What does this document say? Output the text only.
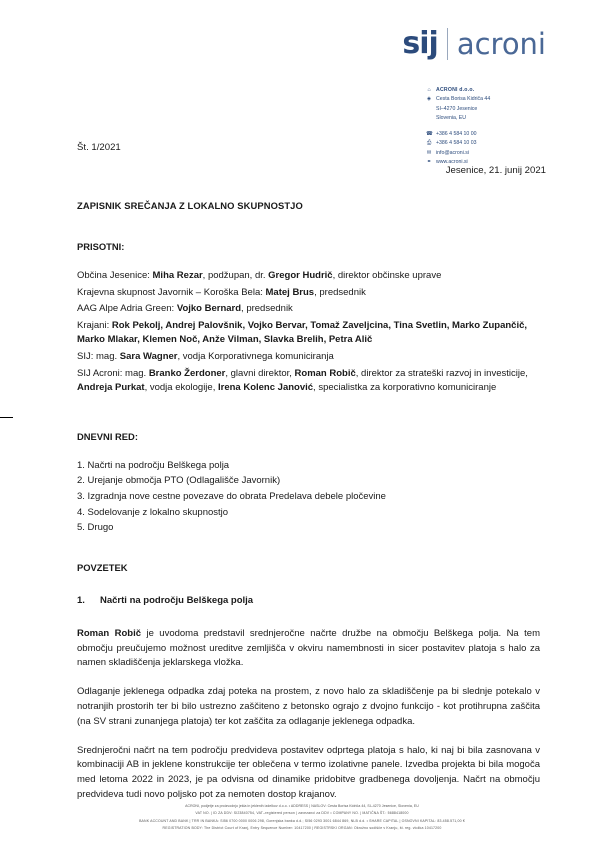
sij acroni
⌂ ACRONI d.o.o.
◈ Cesta Borisa Kidriča 44
SI–4270 Jesenice
Slovenia, EU
☎ +386 4 584 10 00
⎙ +386 4 584 10 03
✉ info@acroni.si
⚭ www.acroni.si
Št. 1/2021
Jesenice, 21. junij 2021
ZAPISNIK SREČANJA Z LOKALNO SKUPNOSTJO
PRISOTNI:

Občina Jesenice: Miha Rezar, podžupan, dr. Gregor Hudrič, direktor občinske uprave

Krajevna skupnost Javornik – Koroška Bela: Matej Brus, predsednik

AAG Alpe Adria Green: Vojko Bernard, predsednik

Krajani: Rok Pekolj, Andrej Palovšnik, Vojko Bervar, Tomaž Zaveljcina, Tina Svetlin, Marko Zupančič, Marko Mlakar, Klemen Noč, Anže Vilman, Slavka Brelih, Petra Alič

SIJ: mag. Sara Wagner, vodja Korporativnega komuniciranja

SIJ Acroni: mag. Branko Žerdoner, glavni direktor, Roman Robič, direktor za strateški razvoj in investicije, Andreja Purkat, vodja ekologije, Irena Kolenc Janović, specialistka za korporativno komuniciranje

DNEVNI RED:

1. Načrti na področju Belškega polja

2. Urejanje območja PTO (Odlagališče Javornik)

3. Izgradnja nove cestne povezave do obrata Predelava debele pločevine

4. Sodelovanje z lokalno skupnostjo

5. Drugo

POVZETEK
1. Načrti na področju Belškega polja

Roman Robič je uvodoma predstavil srednjeročne načrte družbe na območju Belškega polja. Na tem območju preučujemo možnost ureditve zemljišča v okviru namembnosti in sicer postavitev platoja s halo za namen skladiščenja jeklarskega vložka.

Odlaganje jeklenega odpadka zdaj poteka na prostem, z novo halo za skladiščenje pa bi slednje potekalo v notranjih prostorih ter bi bilo ustrezno zaščiteno z betonsko ograjo z dvojno funkcijo - kot protihrupna zaščita (na SV strani zunanjega platoja) ter kot zaščita za odlaganje jeklenega odpadka.

Srednjeročni načrt na tem področju predvideva postavitev odprtega platoja s halo, ki naj bi bila zasnovana v kombinaciji AB in jeklene konstrukcije ter oblečena v termo izolativne panele. Izvedba projekta bi bila mogoča med letoma 2022 in 2023, je pa odvisna od dinamike pridobitve gradbenega dovoljenja. Načrt na območju predvideva tudi novo poljsko pot za nemoten dostop krajanov.

ACRONI, podjetje za proizvodnjo jekla in jeklenih izdelkov d.o.o. • ADDRESS | NASLOV: Cesta Borisa Kidriča 44, SI–4270 Jesenice, Slovenia, EU
VAT NO. | ID ZA DDV: SI23840754, VAT–registered person | zavezanci za DDV • COMPANY NO. | MATIČNA ŠT.: 5688418000
BANK ACCOUNT AND BANK | TRR IN BANKA: SI56 0700 0000 0006 298, Gorenjska banka d.d.; SI56 0293 3001 6844 869, NLB d.d. • SHARE CAPITAL | OSNOVNI KAPITAL: 83.458.571,00 €
REGISTRATION BODY: The District Court of Kranj, Entry Sequence Number: 10417200 | REGISTRSKI ORGAN: Okrožno sodišče v Kranju, št. reg. vložka 10417200
